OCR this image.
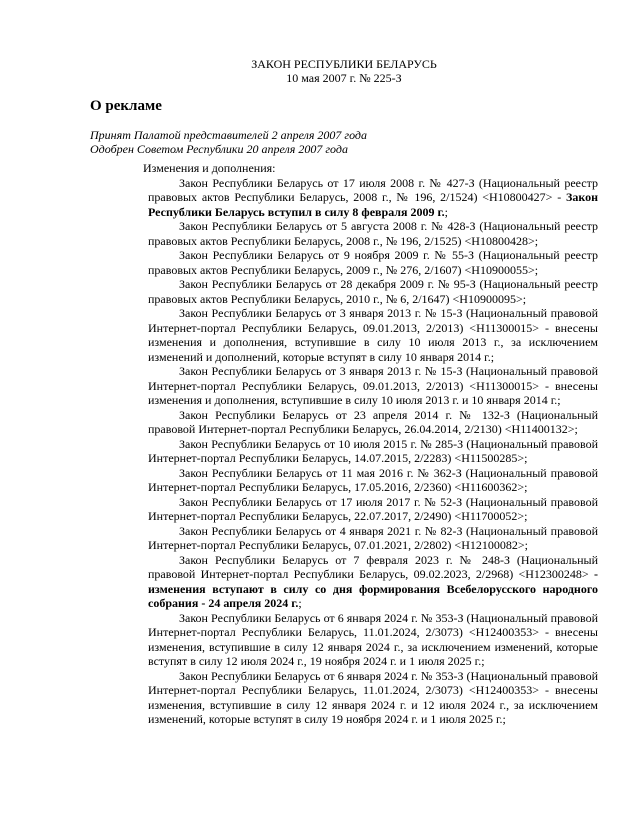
ЗАКОН РЕСПУБЛИКИ БЕЛАРУСЬ
10 мая 2007 г. № 225-З
О рекламе
Принят Палатой представителей 2 апреля 2007 года
Одобрен Советом Республики 20 апреля 2007 года
Изменения и дополнения:

Закон Республики Беларусь от 17 июля 2008 г. № 427-З (Национальный реестр правовых актов Республики Беларусь, 2008 г., № 196, 2/1524) <Н10800427> - Закон Республики Беларусь вступил в силу 8 февраля 2009 г.;

Закон Республики Беларусь от 5 августа 2008 г. № 428-З (Национальный реестр правовых актов Республики Беларусь, 2008 г., № 196, 2/1525) <Н10800428>;

Закон Республики Беларусь от 9 ноября 2009 г. № 55-З (Национальный реестр правовых актов Республики Беларусь, 2009 г., № 276, 2/1607) <Н10900055>;

Закон Республики Беларусь от 28 декабря 2009 г. № 95-З (Национальный реестр правовых актов Республики Беларусь, 2010 г., № 6, 2/1647) <Н10900095>;

Закон Республики Беларусь от 3 января 2013 г. № 15-З (Национальный правовой Интернет-портал Республики Беларусь, 09.01.2013, 2/2013) <Н11300015> - внесены изменения и дополнения, вступившие в силу 10 июля 2013 г., за исключением изменений и дополнений, которые вступят в силу 10 января 2014 г.;

Закон Республики Беларусь от 3 января 2013 г. № 15-З (Национальный правовой Интернет-портал Республики Беларусь, 09.01.2013, 2/2013) <Н11300015> - внесены изменения и дополнения, вступившие в силу 10 июля 2013 г. и 10 января 2014 г.;

Закон Республики Беларусь от 23 апреля 2014 г. № 132-З (Национальный правовой Интернет-портал Республики Беларусь, 26.04.2014, 2/2130) <Н11400132>;

Закон Республики Беларусь от 10 июля 2015 г. № 285-З (Национальный правовой Интернет-портал Республики Беларусь, 14.07.2015, 2/2283) <Н11500285>;

Закон Республики Беларусь от 11 мая 2016 г. № 362-З (Национальный правовой Интернет-портал Республики Беларусь, 17.05.2016, 2/2360) <Н11600362>;

Закон Республики Беларусь от 17 июля 2017 г. № 52-З (Национальный правовой Интернет-портал Республики Беларусь, 22.07.2017, 2/2490) <Н11700052>;

Закон Республики Беларусь от 4 января 2021 г. № 82-З (Национальный правовой Интернет-портал Республики Беларусь, 07.01.2021, 2/2802) <Н12100082>;

Закон Республики Беларусь от 7 февраля 2023 г. № 248-З (Национальный правовой Интернет-портал Республики Беларусь, 09.02.2023, 2/2968) <Н12300248> - изменения вступают в силу со дня формирования Всебелорусского народного собрания - 24 апреля 2024 г.;

Закон Республики Беларусь от 6 января 2024 г. № 353-З (Национальный правовой Интернет-портал Республики Беларусь, 11.01.2024, 2/3073) <Н12400353> - внесены изменения, вступившие в силу 12 января 2024 г., за исключением изменений, которые вступят в силу 12 июля 2024 г., 19 ноября 2024 г. и 1 июля 2025 г.;

Закон Республики Беларусь от 6 января 2024 г. № 353-З (Национальный правовой Интернет-портал Республики Беларусь, 11.01.2024, 2/3073) <Н12400353> - внесены изменения, вступившие в силу 12 января 2024 г. и 12 июля 2024 г., за исключением изменений, которые вступят в силу 19 ноября 2024 г. и 1 июля 2025 г.;
